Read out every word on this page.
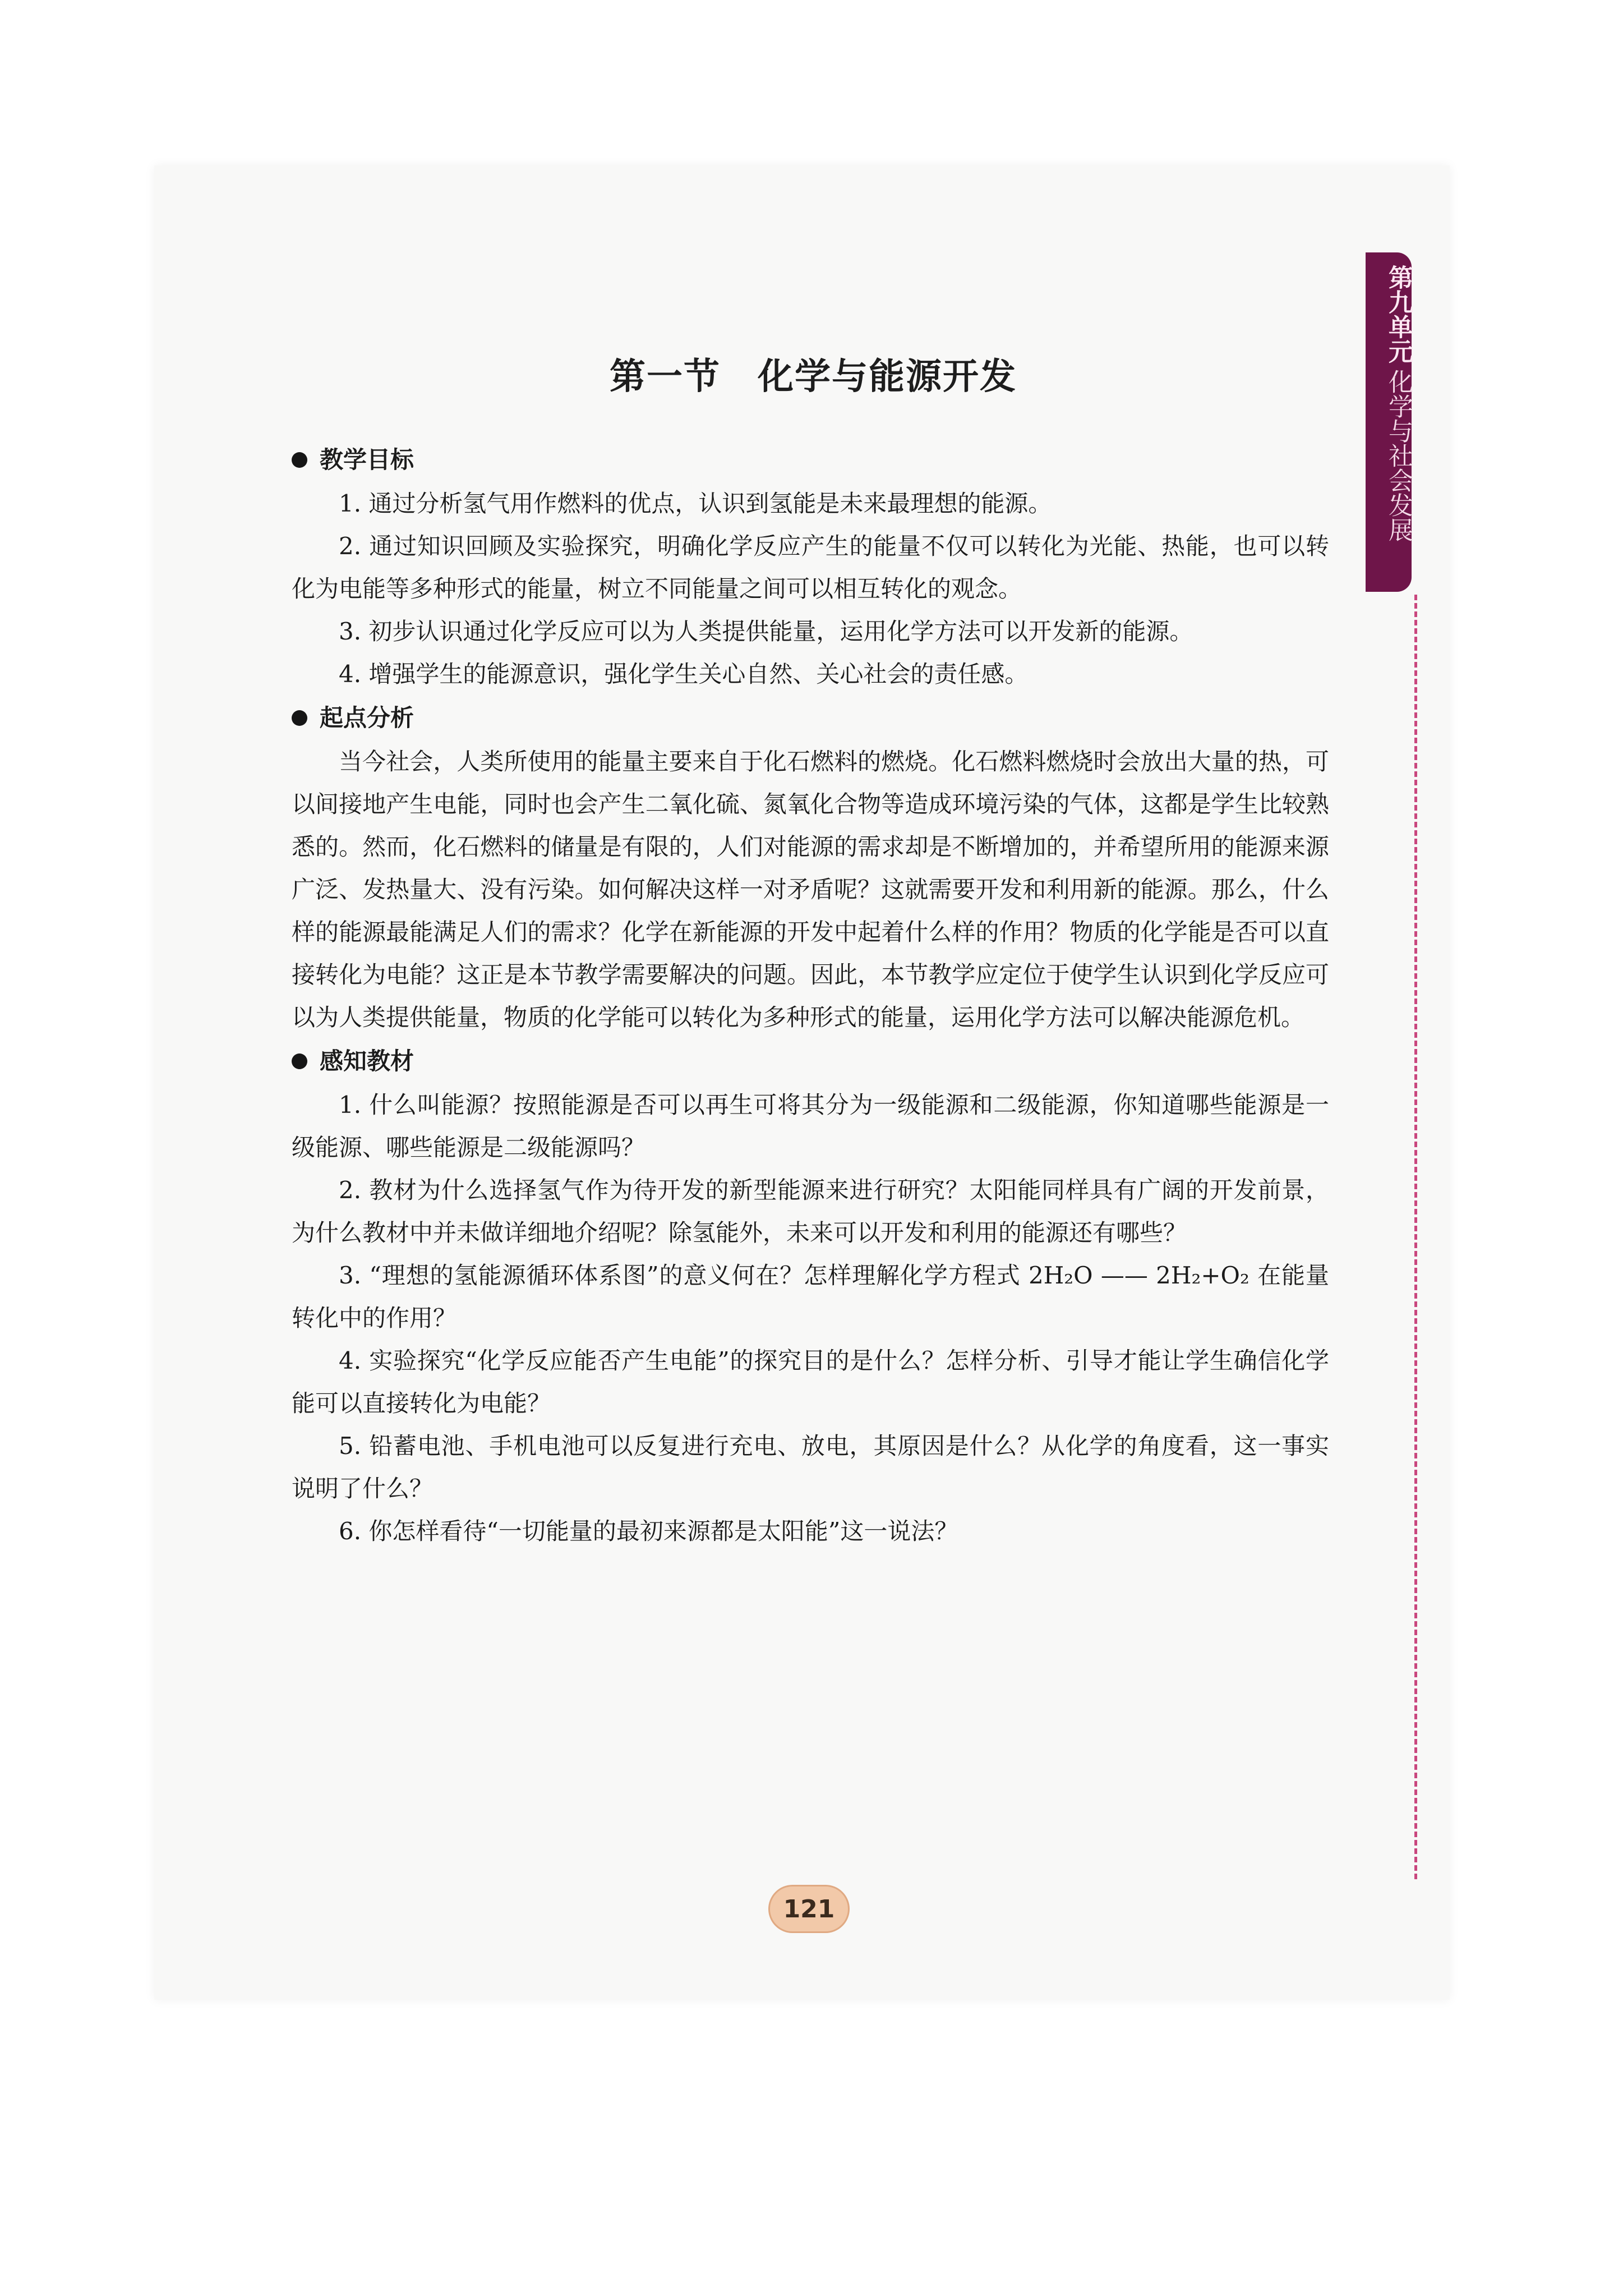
第九单元
化学与社会发展
第一节　化学与能源开发
教学目标

1. 通过分析氢气用作燃料的优点，认识到氢能是未来最理想的能源。

2. 通过知识回顾及实验探究，明确化学反应产生的能量不仅可以转化为光能、热能，也可以转化为电能等多种形式的能量，树立不同能量之间可以相互转化的观念。

3. 初步认识通过化学反应可以为人类提供能量，运用化学方法可以开发新的能源。

4. 增强学生的能源意识，强化学生关心自然、关心社会的责任感。

起点分析

当今社会，人类所使用的能量主要来自于化石燃料的燃烧。化石燃料燃烧时会放出大量的热，可以间接地产生电能，同时也会产生二氧化硫、氮氧化合物等造成环境污染的气体，这都是学生比较熟悉的。然而，化石燃料的储量是有限的，人们对能源的需求却是不断增加的，并希望所用的能源来源广泛、发热量大、没有污染。如何解决这样一对矛盾呢？这就需要开发和利用新的能源。那么，什么样的能源最能满足人们的需求？化学在新能源的开发中起着什么样的作用？物质的化学能是否可以直接转化为电能？这正是本节教学需要解决的问题。因此，本节教学应定位于使学生认识到化学反应可以为人类提供能量，物质的化学能可以转化为多种形式的能量，运用化学方法可以解决能源危机。

感知教材

1. 什么叫能源？按照能源是否可以再生可将其分为一级能源和二级能源，你知道哪些能源是一级能源、哪些能源是二级能源吗？

2. 教材为什么选择氢气作为待开发的新型能源来进行研究？太阳能同样具有广阔的开发前景，为什么教材中并未做详细地介绍呢？除氢能外，未来可以开发和利用的能源还有哪些？

3. “理想的氢能源循环体系图”的意义何在？怎样理解化学方程式 2H₂O —— 2H₂+O₂ 在能量转化中的作用？

4. 实验探究“化学反应能否产生电能”的探究目的是什么？怎样分析、引导才能让学生确信化学能可以直接转化为电能？

5. 铅蓄电池、手机电池可以反复进行充电、放电，其原因是什么？从化学的角度看，这一事实说明了什么？

6. 你怎样看待“一切能量的最初来源都是太阳能”这一说法？

121
